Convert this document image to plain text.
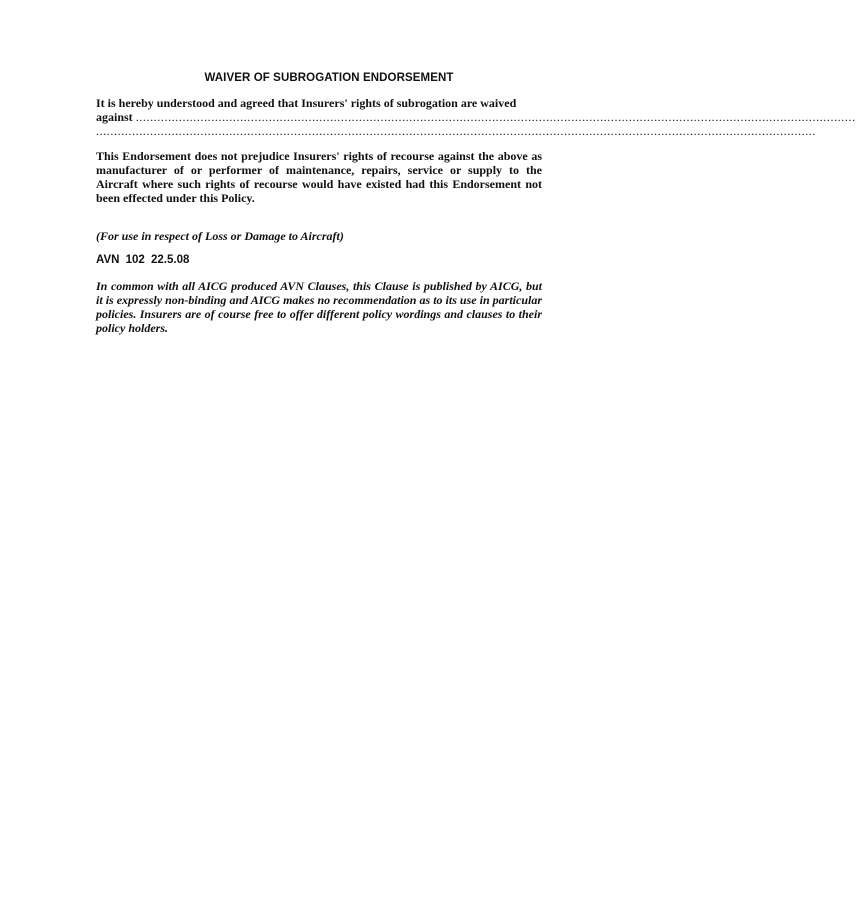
WAIVER OF SUBROGATION ENDORSEMENT

It is hereby understood and agreed that Insurers' rights of subrogation are waived

against ........................................................................................................................................................................................................
........................................................................................................................................................................................................

This Endorsement does not prejudice Insurers' rights of recourse against the above as manufacturer of or performer of maintenance, repairs, service or supply to the Aircraft where such rights of recourse would have existed had this Endorsement not been effected under this Policy.

(For use in respect of Loss or Damage to Aircraft)

AVN 102 22.5.08

In common with all AICG produced AVN Clauses, this Clause is published by AICG, but it is expressly non-binding and AICG makes no recommendation as to its use in particular policies. Insurers are of course free to offer different policy wordings and clauses to their policy holders.
